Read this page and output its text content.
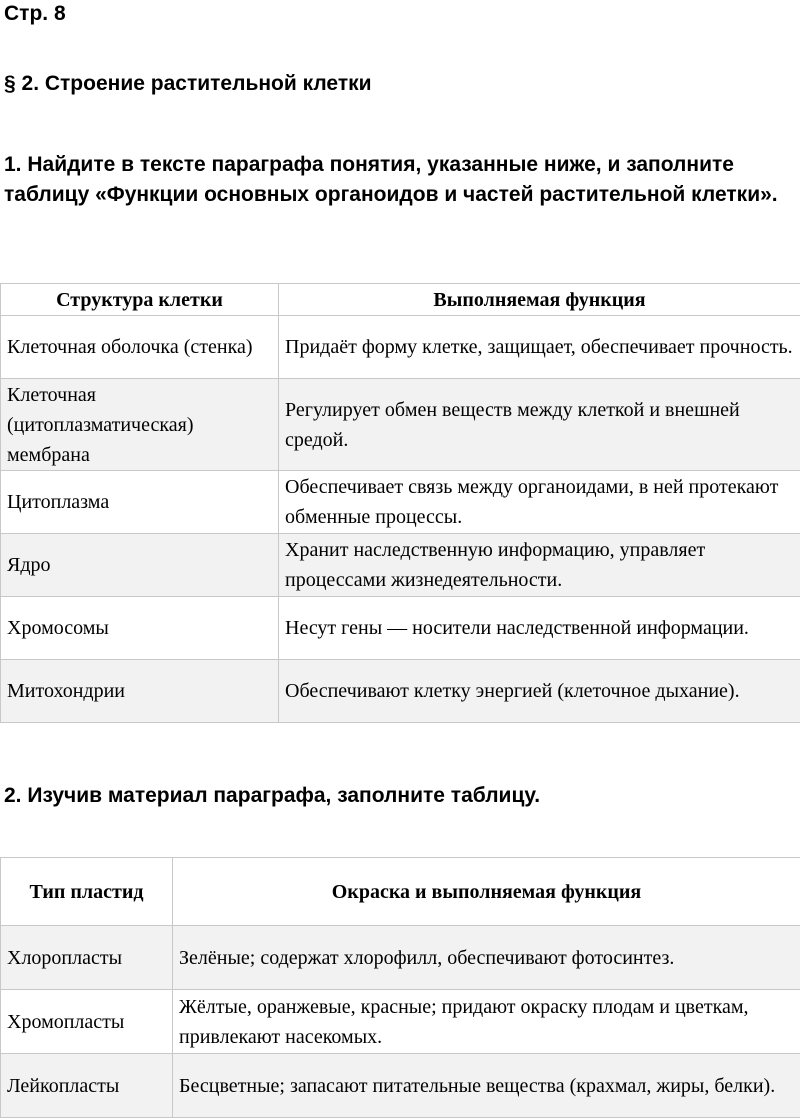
Стр. 8
§ 2. Строение растительной клетки
1. Найдите в тексте параграфа понятия, указанные ниже, и заполните таблицу «Функции основных органоидов и частей растительной клетки».
Структура клетки	Выполняемая функция
Клеточная оболочка (стенка)	Придаёт форму клетке, защищает, обеспечивает прочность.
Клеточная (цитоплазматическая) мембрана	Регулирует обмен веществ между клеткой и внешней средой.
Цитоплазма	Обеспечивает связь между органоидами, в ней протекают обменные процессы.
Ядро	Хранит наследственную информацию, управляет процессами жизнедеятельности.
Хромосомы	Несут гены — носители наследственной информации.
Митохондрии	Обеспечивают клетку энергией (клеточное дыхание).
2. Изучив материал параграфа, заполните таблицу.
Тип пластид	Окраска и выполняемая функция
Хлоропласты	Зелёные; содержат хлорофилл, обеспечивают фотосинтез.
Хромопласты	Жёлтые, оранжевые, красные; придают окраску плодам и цветкам, привлекают насекомых.
Лейкопласты	Бесцветные; запасают питательные вещества (крахмал, жиры, белки).
